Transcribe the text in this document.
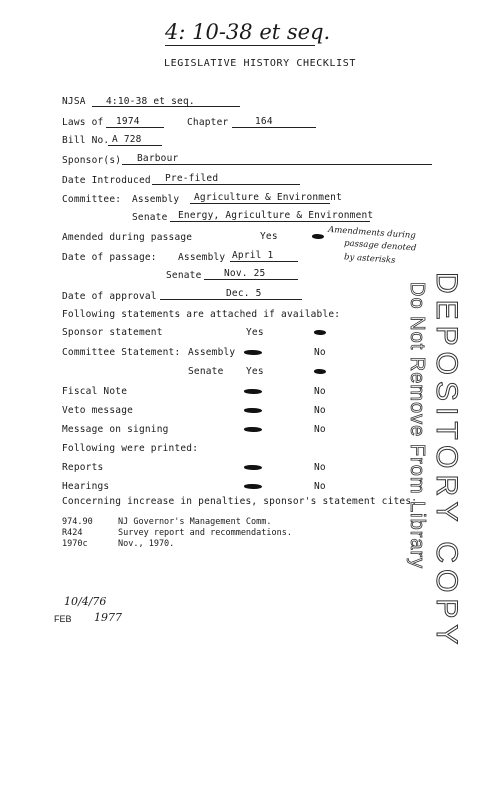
4: 10-38 et seq.
LEGISLATIVE HISTORY CHECKLIST
NJSA 4:10-38 et seq.
Laws of 1974	Chapter	164
Bill No. A 728
Sponsor(s) Barbour
Date Introduced Pre-filed
Committee: Assembly Agriculture & Environment
Senate Energy, Agriculture & Environment
Amended during passage	Yes	Amendments during
passage denoted
by asterisks
Date of passage: Assembly April 1
Senate Nov. 25
Date of approval	Dec. 5
Following statements are attached if available:
Sponsor statement	Yes
Committee Statement: Assembly	No
Senate Yes
Fiscal Note	No
Veto message	No
Message on signing	No
Following were printed:
Reports	No
Hearings	No
Concerning increase in penalties, sponsor's statement cites:
974.90	NJ Governor's Management Comm.
R424	Survey report and recommendations.
1970c	Nov., 1970.
10/4/76
FEB 1977	DEPOSITORY COPY
Do Not Remove From Library
